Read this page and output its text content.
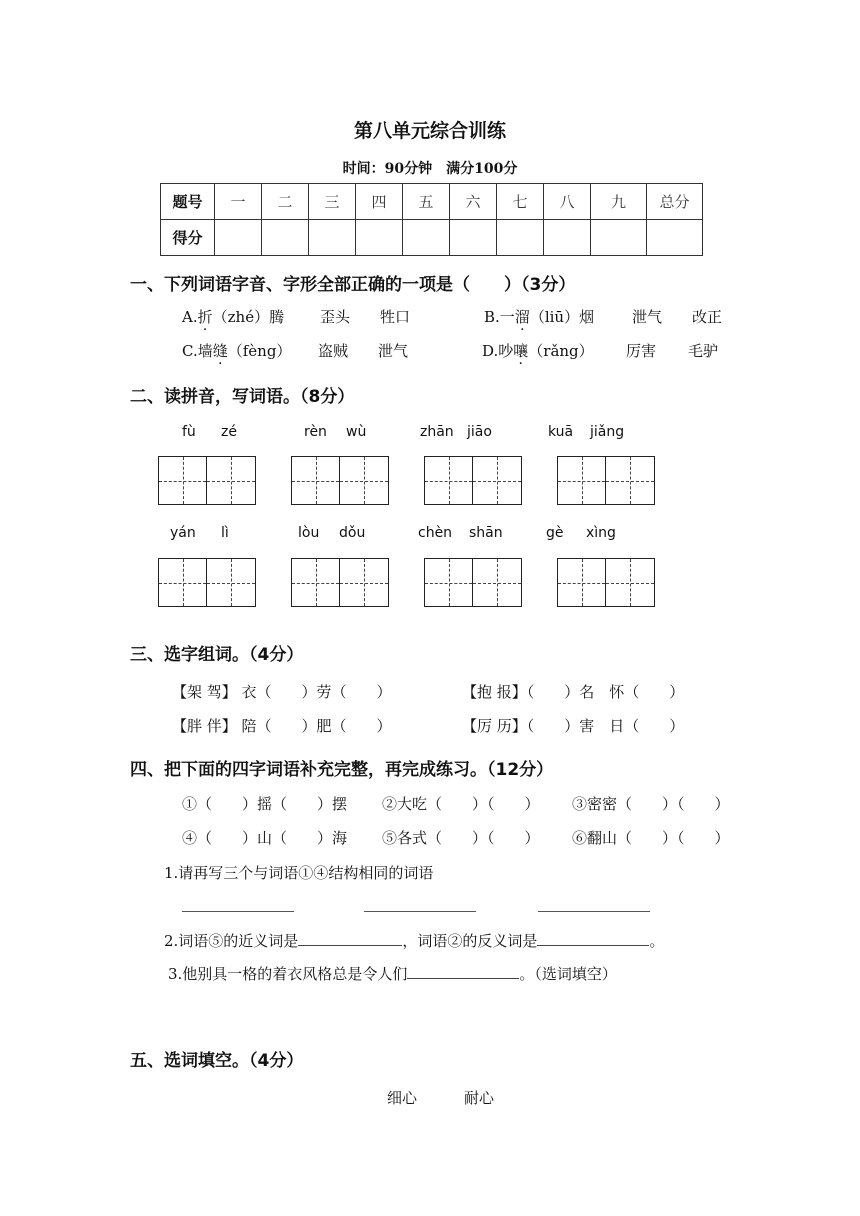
第八单元综合训练
时间：90分钟　满分100分
题号	一	二	三	四	五	六	七	八	九	总分
得分										
一、下列词语字音、字形全部正确的一项是（　　）（3分）
A.折（zhé）腾 歪头 牲口	B.一溜（liū）烟	泄气 改正
C.墙缝（fèng） 盗贼 泄气	D.吵嚷（rǎng） 厉害 毛驴
二、读拼音，写词语。（8分）
fù zé	rèn wù	zhān jiāo	kuā jiǎng
yán lì	lòu dǒu	chèn shān	gè xìng
三、选字组词。（4分）
【架 驾】 衣（　　）劳（　　）	【抱 报】（　　）名　怀（　　）
【胖 伴】 陪（　　）肥（　　）	【厉 历】（　　）害　日（　　）
四、把下面的四字词语补充完整，再完成练习。（12分）
①（　　）摇（　　）摆 ②大吃（　　）（　　） ③密密（　　）（　　）
④（　　）山（　　）海 ⑤各式（　　）（　　） ⑥翻山（　　）（　　）
1.请再写三个与词语①④结构相同的词语
2.词语⑤的近义词是	，词语②的反义词是	。
3.他别具一格的着衣风格总是令人们	。（选词填空）
五、选词填空。（4分）
细心	耐心
